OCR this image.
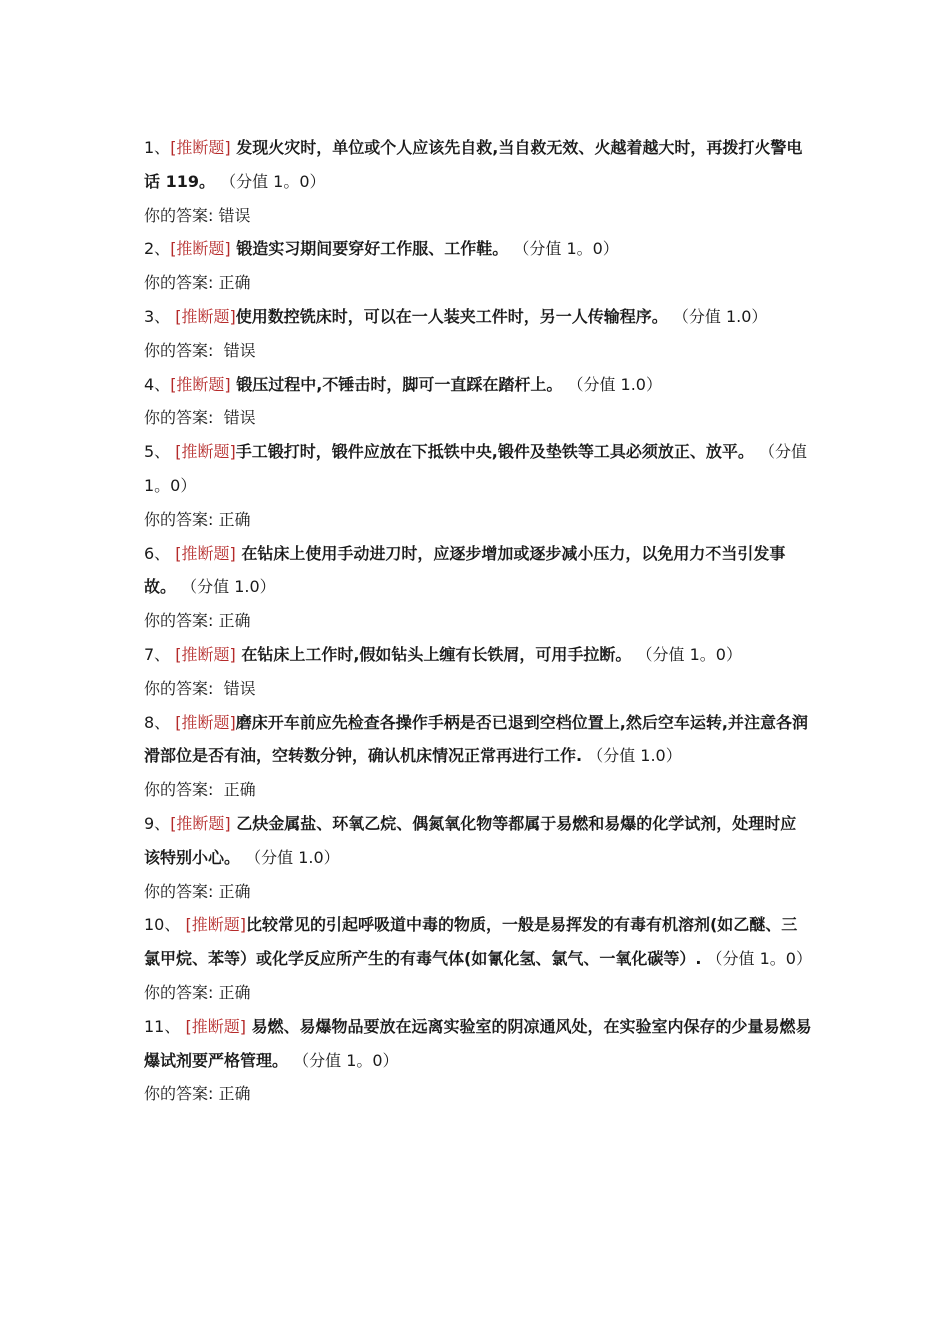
1、[推断题] 发现火灾时，单位或个人应该先自救,当自救无效、火越着越大时，再拨打火警电话 119。 （分值 1。0）
你的答案: 错误
2、[推断题] 锻造实习期间要穿好工作服、工作鞋。 （分值 1。0）
你的答案: 正确
3、 [推断题]使用数控铣床时，可以在一人装夹工件时，另一人传输程序。 （分值 1.0）
你的答案: 错误
4、[推断题] 锻压过程中,不锤击时，脚可一直踩在踏杆上。 （分值 1.0）
你的答案: 错误
5、 [推断题]手工锻打时，锻件应放在下抵铁中央,锻件及垫铁等工具必须放正、放平。 （分值 1。0）
你的答案: 正确
6、 [推断题] 在钻床上使用手动进刀时，应逐步增加或逐步减小压力，以免用力不当引发事故。 （分值 1.0）
你的答案: 正确
7、 [推断题] 在钻床上工作时,假如钻头上缠有长铁屑，可用手拉断。 （分值 1。0）
你的答案: 错误
8、 [推断题]磨床开车前应先检查各操作手柄是否已退到空档位置上,然后空车运转,并注意各润滑部位是否有油，空转数分钟，确认机床情况正常再进行工作. （分值 1.0）
你的答案: 正确
9、[推断题] 乙炔金属盐、环氧乙烷、偶氮氧化物等都属于易燃和易爆的化学试剂，处理时应该特别小心。 （分值 1.0）
你的答案: 正确
10、 [推断题]比较常见的引起呼吸道中毒的物质，一般是易挥发的有毒有机溶剂(如乙醚、三氯甲烷、苯等）或化学反应所产生的有毒气体(如氰化氢、氯气、一氧化碳等）. （分值 1。0）
你的答案: 正确
11、 [推断题] 易燃、易爆物品要放在远离实验室的阴凉通风处，在实验室内保存的少量易燃易爆试剂要严格管理。 （分值 1。0）
你的答案: 正确
